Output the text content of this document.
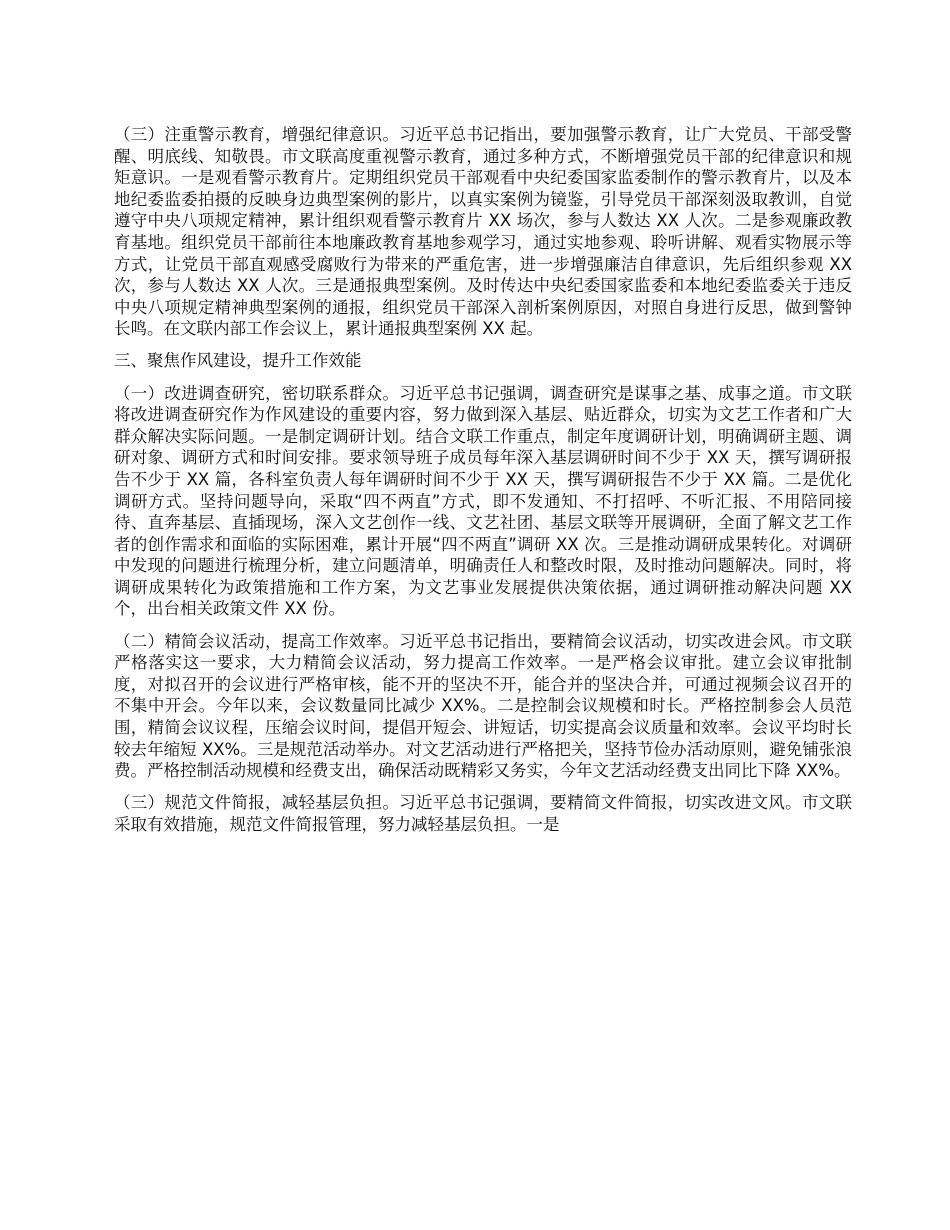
（三）注重警示教育，增强纪律意识。习近平总书记指出，要加强警示教育，让广大党员、干部受警醒、明底线、知敬畏。市文联高度重视警示教育，通过多种方式，不断增强党员干部的纪律意识和规矩意识。一是观看警示教育片。定期组织党员干部观看中央纪委国家监委制作的警示教育片，以及本地纪委监委拍摄的反映身边典型案例的影片，以真实案例为镜鉴，引导党员干部深刻汲取教训，自觉遵守中央八项规定精神，累计组织观看警示教育片 XX 场次，参与人数达 XX 人次。二是参观廉政教育基地。组织党员干部前往本地廉政教育基地参观学习，通过实地参观、聆听讲解、观看实物展示等方式，让党员干部直观感受腐败行为带来的严重危害，进一步增强廉洁自律意识，先后组织参观 XX 次，参与人数达 XX 人次。三是通报典型案例。及时传达中央纪委国家监委和本地纪委监委关于违反中央八项规定精神典型案例的通报，组织党员干部深入剖析案例原因，对照自身进行反思，做到警钟长鸣。在文联内部工作会议上，累计通报典型案例 XX 起。

三、聚焦作风建设，提升工作效能

（一）改进调查研究，密切联系群众。习近平总书记强调，调查研究是谋事之基、成事之道。市文联将改进调查研究作为作风建设的重要内容，努力做到深入基层、贴近群众，切实为文艺工作者和广大群众解决实际问题。一是制定调研计划。结合文联工作重点，制定年度调研计划，明确调研主题、调研对象、调研方式和时间安排。要求领导班子成员每年深入基层调研时间不少于 XX 天，撰写调研报告不少于 XX 篇，各科室负责人每年调研时间不少于 XX 天，撰写调研报告不少于 XX 篇。二是优化调研方式。坚持问题导向，采取“四不两直”方式，即不发通知、不打招呼、不听汇报、不用陪同接待、直奔基层、直插现场，深入文艺创作一线、文艺社团、基层文联等开展调研，全面了解文艺工作者的创作需求和面临的实际困难，累计开展“四不两直”调研 XX 次。三是推动调研成果转化。对调研中发现的问题进行梳理分析，建立问题清单，明确责任人和整改时限，及时推动问题解决。同时，将调研成果转化为政策措施和工作方案，为文艺事业发展提供决策依据，通过调研推动解决问题 XX 个，出台相关政策文件 XX 份。

（二）精简会议活动，提高工作效率。习近平总书记指出，要精简会议活动，切实改进会风。市文联严格落实这一要求，大力精简会议活动，努力提高工作效率。一是严格会议审批。建立会议审批制度，对拟召开的会议进行严格审核，能不开的坚决不开，能合并的坚决合并，可通过视频会议召开的不集中开会。今年以来，会议数量同比减少 XX%。二是控制会议规模和时长。严格控制参会人员范围，精简会议议程，压缩会议时间，提倡开短会、讲短话，切实提高会议质量和效率。会议平均时长较去年缩短 XX%。三是规范活动举办。对文艺活动进行严格把关，坚持节俭办活动原则，避免铺张浪费。严格控制活动规模和经费支出，确保活动既精彩又务实，今年文艺活动经费支出同比下降 XX%。

（三）规范文件简报，减轻基层负担。习近平总书记强调，要精简文件简报，切实改进文风。市文联采取有效措施，规范文件简报管理，努力减轻基层负担。一是
